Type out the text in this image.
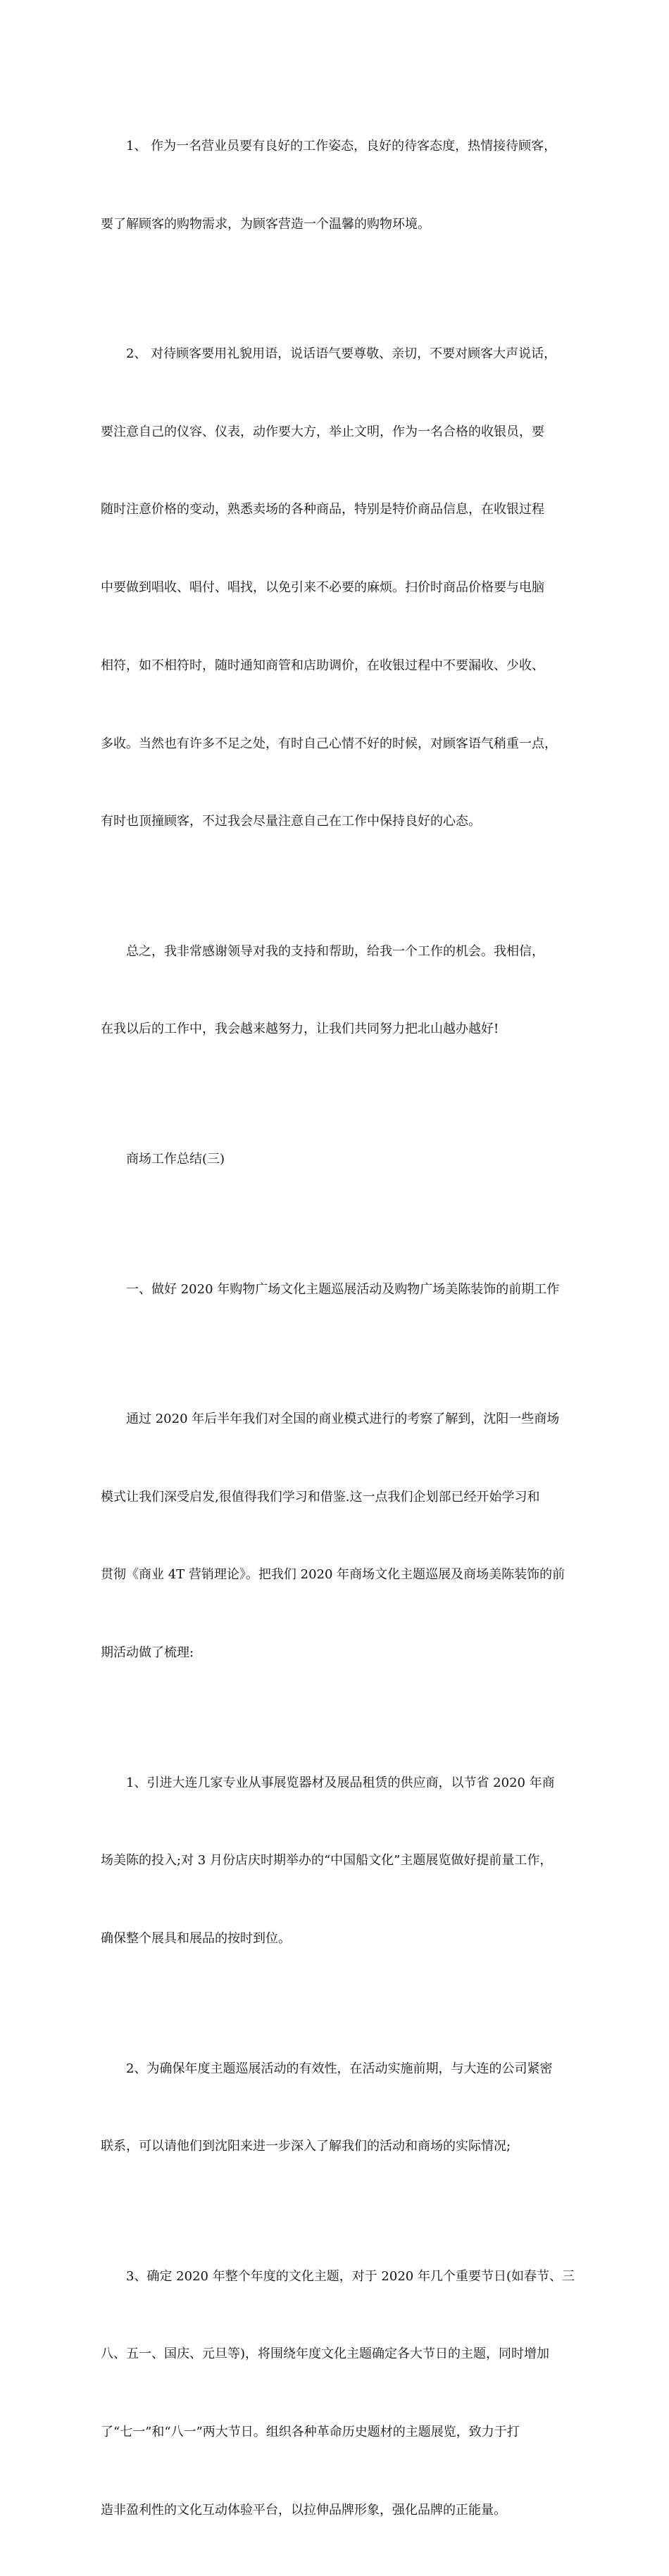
1、 作为一名营业员要有良好的工作姿态，良好的待客态度，热情接待顾客，

要了解顾客的购物需求，为顾客营造一个温馨的购物环境。

2、 对待顾客要用礼貌用语，说话语气要尊敬、亲切，不要对顾客大声说话，

要注意自己的仪容、仪表，动作要大方，举止文明，作为一名合格的收银员，要

随时注意价格的变动，熟悉卖场的各种商品，特别是特价商品信息，在收银过程

中要做到唱收、唱付、唱找，以免引来不必要的麻烦。扫价时商品价格要与电脑

相符，如不相符时，随时通知商管和店助调价，在收银过程中不要漏收、少收、

多收。当然也有许多不足之处，有时自己心情不好的时候，对顾客语气稍重一点，

有时也顶撞顾客，不过我会尽量注意自己在工作中保持良好的心态。

总之，我非常感谢领导对我的支持和帮助，给我一个工作的机会。我相信，

在我以后的工作中，我会越来越努力，让我们共同努力把北山越办越好!

商场工作总结(三)

一、做好 2020 年购物广场文化主题巡展活动及购物广场美陈装饰的前期工作

通过 2020 年后半年我们对全国的商业模式进行的考察了解到，沈阳一些商场

模式让我们深受启发,很值得我们学习和借鉴.这一点我们企划部已经开始学习和

贯彻《商业 4T 营销理论》。把我们 2020 年商场文化主题巡展及商场美陈装饰的前

期活动做了梳理:

1、引进大连几家专业从事展览器材及展品租赁的供应商，以节省 2020 年商

场美陈的投入;对 3 月份店庆时期举办的“中国船文化”主题展览做好提前量工作，

确保整个展具和展品的按时到位。

2、为确保年度主题巡展活动的有效性，在活动实施前期，与大连的公司紧密

联系，可以请他们到沈阳来进一步深入了解我们的活动和商场的实际情况;

3、确定 2020 年整个年度的文化主题，对于 2020 年几个重要节日(如春节、三

八、五一、国庆、元旦等)，将围绕年度文化主题确定各大节日的主题，同时增加

了“七一”和“八一”两大节日。组织各种革命历史题材的主题展览，致力于打

造非盈利性的文化互动体验平台，以拉伸品牌形象，强化品牌的正能量。
